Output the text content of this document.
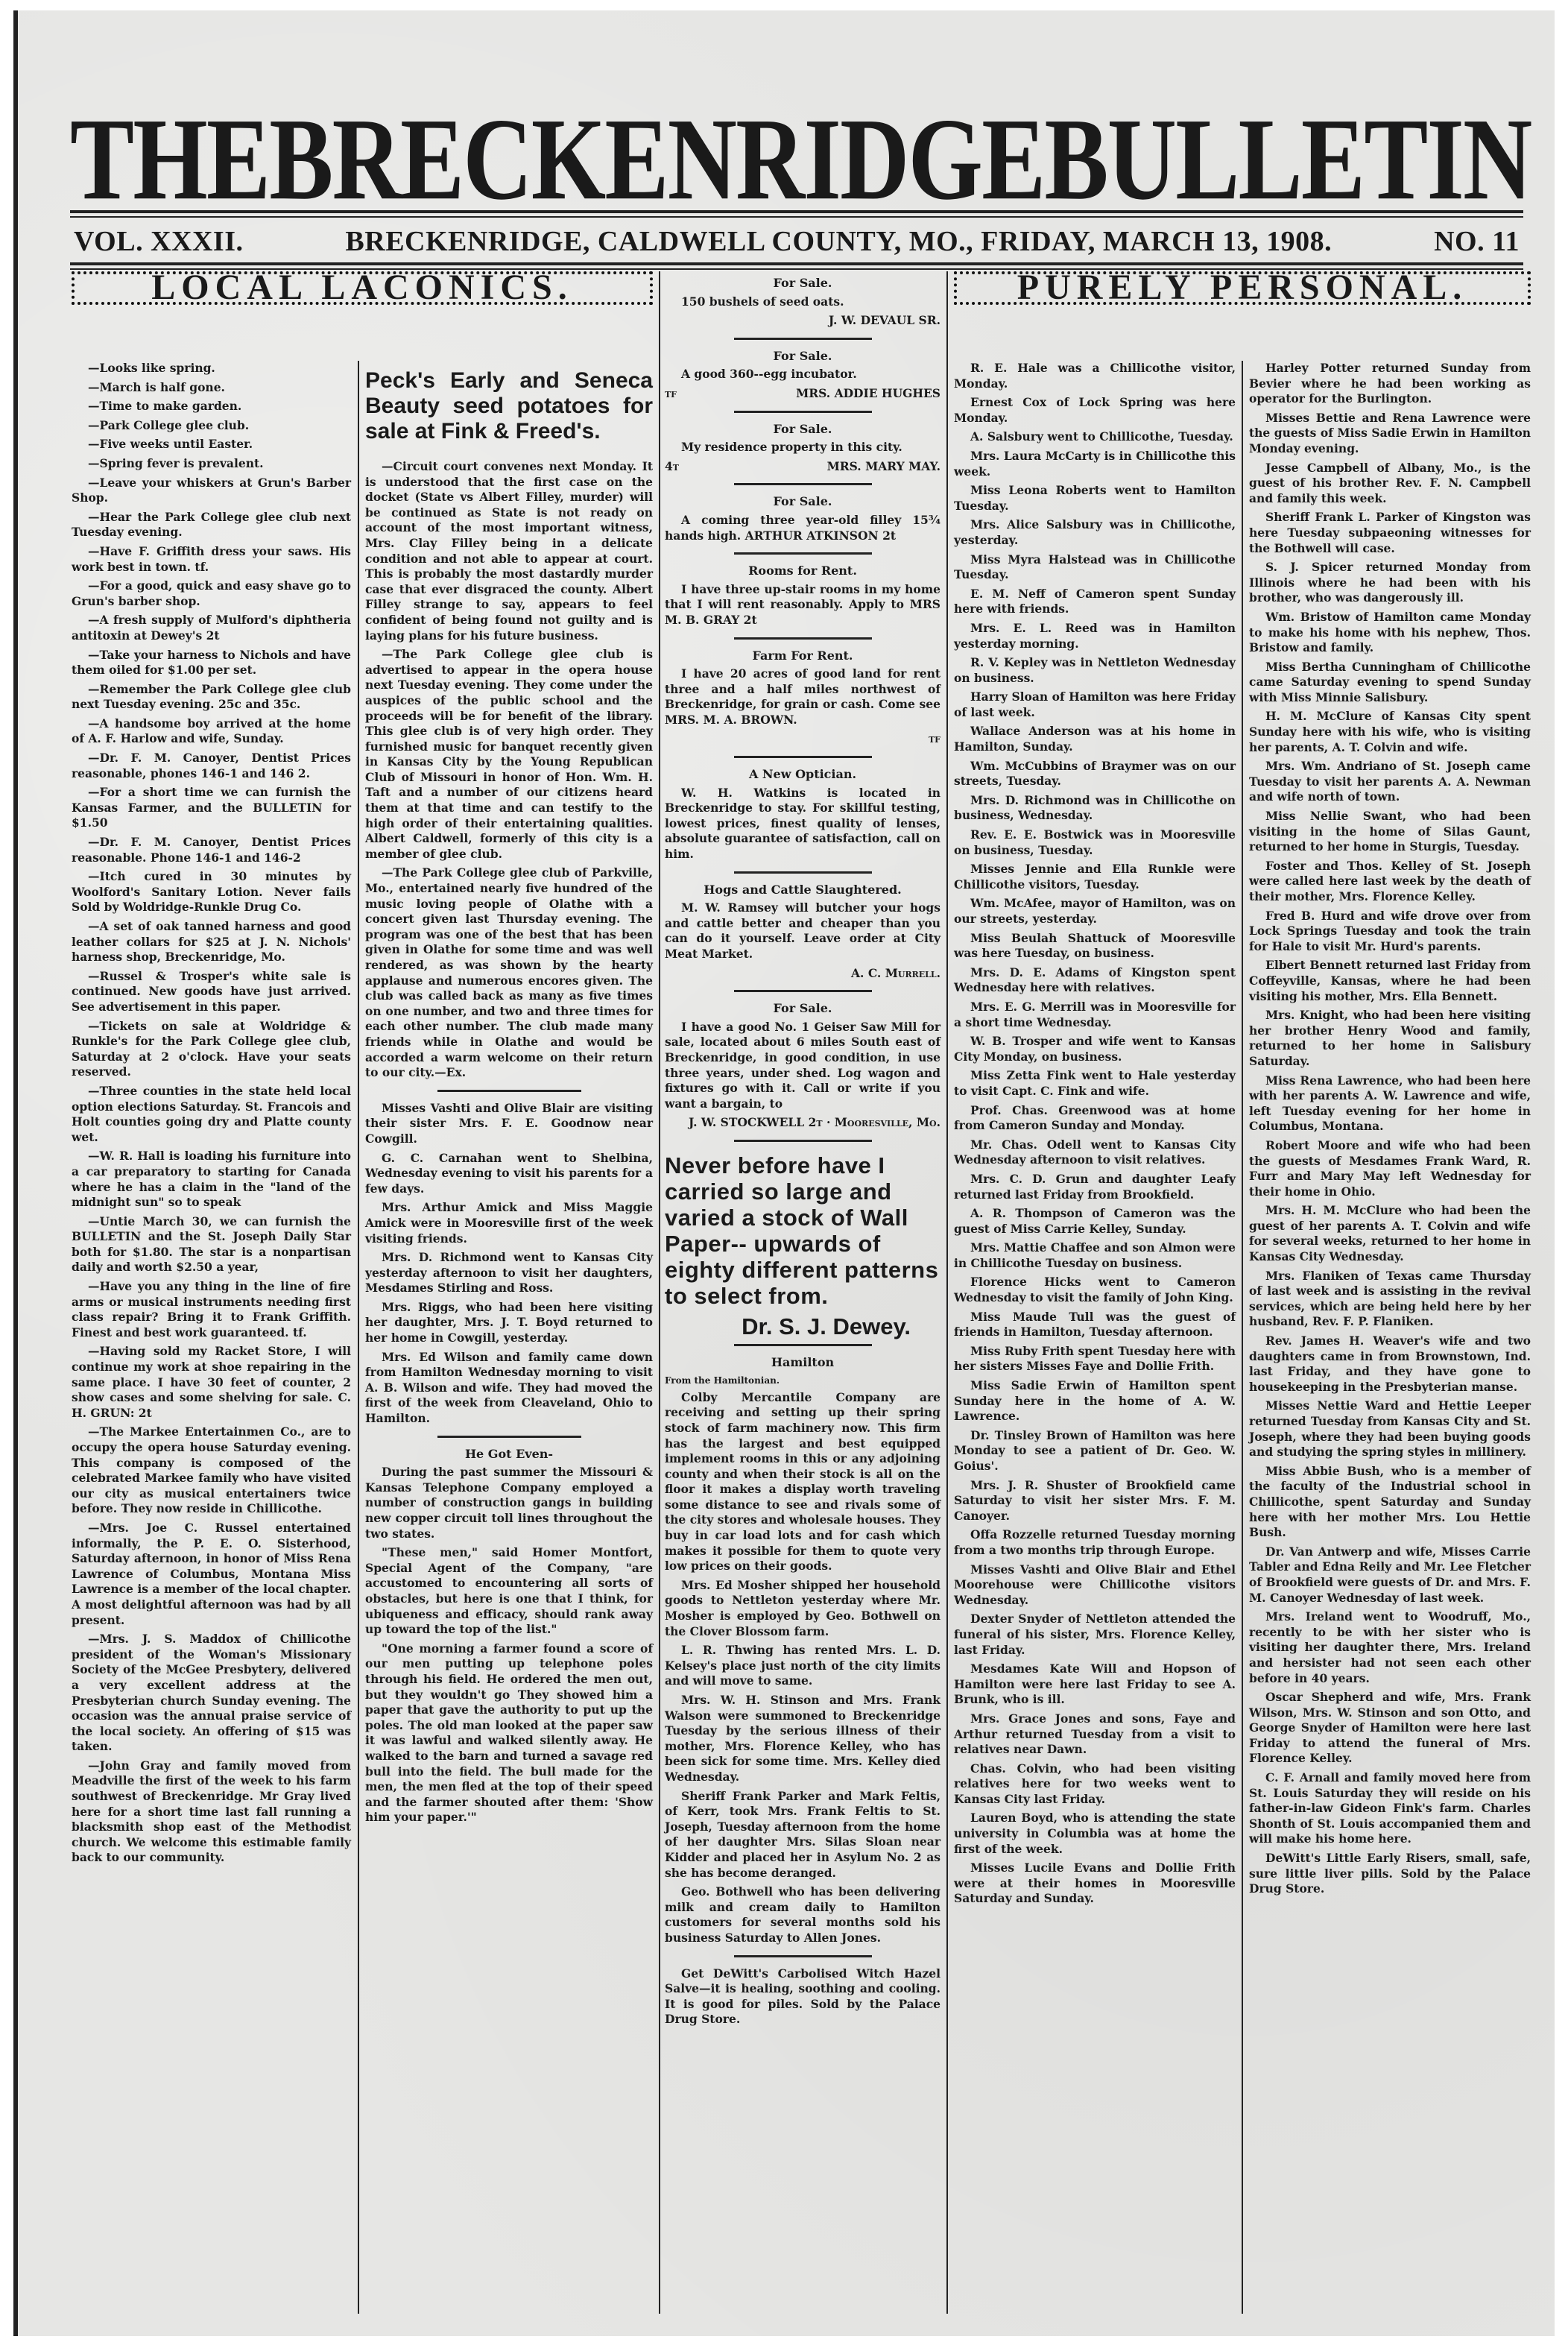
THE BRECKENRIDGE BULLETIN
VOL. XXXII.	BRECKENRIDGE, CALDWELL COUNTY, MO., FRIDAY, MARCH 13, 1908.	NO. 11
LOCAL LACONICS.

—Looks like spring.

—March is half gone.

—Time to make garden.

—Park College glee club.

—Five weeks until Easter.

—Spring fever is prevalent.

—Leave your whiskers at Grun's Barber Shop.

—Hear the Park College glee club next Tuesday evening.

—Have F. Griffith dress your saws. His work best in town. tf.

—For a good, quick and easy shave go to Grun's barber shop.

—A fresh supply of Mulford's diphtheria antitoxin at Dewey's 2t

—Take your harness to Nichols and have them oiled for $1.00 per set.

—Remember the Park College glee club next Tuesday evening. 25c and 35c.

—A handsome boy arrived at the home of A. F. Harlow and wife, Sunday.

—Dr. F. M. Canoyer, Dentist Prices reasonable, phones 146-1 and 146 2.

—For a short time we can furnish the Kansas Farmer, and the BULLETIN for $1.50

—Dr. F. M. Canoyer, Dentist Prices reasonable. Phone 146-1 and 146-2

—Itch cured in 30 minutes by Woolford's Sanitary Lotion. Never fails Sold by Woldridge-Runkle Drug Co.

—A set of oak tanned harness and good leather collars for $25 at J. N. Nichols' harness shop, Breckenridge, Mo.

—Russel & Trosper's white sale is continued. New goods have just arrived. See advertisement in this paper.

—Tickets on sale at Woldridge & Runkle's for the Park College glee club, Saturday at 2 o'clock. Have your seats reserved.

—Three counties in the state held local option elections Saturday. St. Francois and Holt counties going dry and Platte county wet.

—W. R. Hall is loading his furniture into a car preparatory to starting for Canada where he has a claim in the "land of the midnight sun" so to speak

—Untie March 30, we can furnish the BULLETIN and the St. Joseph Daily Star both for $1.80. The star is a nonpartisan daily and worth $2.50 a year,

—Have you any thing in the line of fire arms or musical instruments needing first class repair? Bring it to Frank Griffith. Finest and best work guaranteed. tf.

—Having sold my Racket Store, I will continue my work at shoe repairing in the same place. I have 30 feet of counter, 2 show cases and some shelving for sale. C. H. GRUN: 2t

—The Markee Entertainmen Co., are to occupy the opera house Saturday evening. This company is composed of the celebrated Markee family who have visited our city as musical entertainers twice before. They now reside in Chillicothe.

—Mrs. Joe C. Russel entertained informally, the P. E. O. Sisterhood, Saturday afternoon, in honor of Miss Rena Lawrence of Columbus, Montana Miss Lawrence is a member of the local chapter. A most delightful afternoon was had by all present.

—Mrs. J. S. Maddox of Chillicothe president of the Woman's Missionary Society of the McGee Presbytery, delivered a very excellent address at the Presbyterian church Sunday evening. The occasion was the annual praise service of the local society. An offering of $15 was taken.

—John Gray and family moved from Meadville the first of the week to his farm southwest of Breckenridge. Mr Gray lived here for a short time last fall running a blacksmith shop east of the Methodist church. We welcome this estimable family back to our community.

Peck's Early and Seneca Beauty seed potatoes for sale at Fink & Freed's.

—Circuit court convenes next Monday. It is understood that the first case on the docket (State vs Albert Filley, murder) will be continued as State is not ready on account of the most important witness, Mrs. Clay Filley being in a delicate condition and not able to appear at court. This is probably the most dastardly murder case that ever disgraced the county. Albert Filley strange to say, appears to feel confident of being found not guilty and is laying plans for his future business.

—The Park College glee club is advertised to appear in the opera house next Tuesday evening. They come under the auspices of the public school and the proceeds will be for benefit of the library. This glee club is of very high order. They furnished music for banquet recently given in Kansas City by the Young Republican Club of Missouri in honor of Hon. Wm. H. Taft and a number of our citizens heard them at that time and can testify to the high order of their entertaining qualities. Albert Caldwell, formerly of this city is a member of glee club.

—The Park College glee club of Parkville, Mo., entertained nearly five hundred of the music loving people of Olathe with a concert given last Thursday evening. The program was one of the best that has been given in Olathe for some time and was well rendered, as was shown by the hearty applause and numerous encores given. The club was called back as many as five times on one number, and two and three times for each other number. The club made many friends while in Olathe and would be accorded a warm welcome on their return to our city.—Ex.

Misses Vashti and Olive Blair are visiting their sister Mrs. F. E. Goodnow near Cowgill.

G. C. Carnahan went to Shelbina, Wednesday evening to visit his parents for a few days.

Mrs. Arthur Amick and Miss Maggie Amick were in Mooresville first of the week visiting friends.

Mrs. D. Richmond went to Kansas City yesterday afternoon to visit her daughters, Mesdames Stirling and Ross.

Mrs. Riggs, who had been here visiting her daughter, Mrs. J. T. Boyd returned to her home in Cowgill, yesterday.

Mrs. Ed Wilson and family came down from Hamilton Wednesday morning to visit A. B. Wilson and wife. They had moved the first of the week from Cleaveland, Ohio to Hamilton.

He Got Even-

During the past summer the Missouri & Kansas Telephone Company employed a number of construction gangs in building new copper circuit toll lines throughout the two states.

"These men," said Homer Montfort, Special Agent of the Company, "are accustomed to encountering all sorts of obstacles, but here is one that I think, for ubiqueness and efficacy, should rank away up toward the top of the list."

"One morning a farmer found a score of our men putting up telephone poles through his field. He ordered the men out, but they wouldn't go They showed him a paper that gave the authority to put up the poles. The old man looked at the paper saw it was lawful and walked silently away. He walked to the barn and turned a savage red bull into the field. The bull made for the men, the men fled at the top of their speed and the farmer shouted after them: 'Show him your paper.'"

For Sale.

150 bushels of seed oats.

J. W. DEVAUL SR.
For Sale.

A good 360--egg incubator.

tf	MRS. ADDIE HUGHES
For Sale.

My residence property in this city.

4t	MRS. MARY MAY.
For Sale.

A coming three year-old filley 15¾ hands high. ARTHUR ATKINSON 2t

Rooms for Rent.

I have three up-stair rooms in my home that I will rent reasonably. Apply to MRS M. B. GRAY 2t

Farm For Rent.

I have 20 acres of good land for rent three and a half miles northwest of Breckenridge, for grain or cash. Come see MRS. M. A. BROWN.

tf
A New Optician.

W. H. Watkins is located in Breckenridge to stay. For skillful testing, lowest prices, finest quality of lenses, absolute guarantee of satisfaction, call on him.

Hogs and Cattle Slaughtered.

M. W. Ramsey will butcher your hogs and cattle better and cheaper than you can do it yourself. Leave order at City Meat Market.

A. C. Murrell.
For Sale.

I have a good No. 1 Geiser Saw Mill for sale, located about 6 miles South east of Breckenridge, in good condition, in use three years, under shed. Log wagon and fixtures go with it. Call or write if you want a bargain, to

J. W. STOCKWELL 2t · Mooresville, Mo.
Never before have I carried so large and varied a stock of Wall Paper-- upwards of eighty different patterns to select from.
Dr. S. J. Dewey.
Hamilton
From the Hamiltonian.

Colby Mercantile Company are receiving and setting up their spring stock of farm machinery now. This firm has the largest and best equipped implement rooms in this or any adjoining county and when their stock is all on the floor it makes a display worth traveling some distance to see and rivals some of the city stores and wholesale houses. They buy in car load lots and for cash which makes it possible for them to quote very low prices on their goods.

Mrs. Ed Mosher shipped her household goods to Nettleton yesterday where Mr. Mosher is employed by Geo. Bothwell on the Clover Blossom farm.

L. R. Thwing has rented Mrs. L. D. Kelsey's place just north of the city limits and will move to same.

Mrs. W. H. Stinson and Mrs. Frank Walson were summoned to Breckenridge Tuesday by the serious illness of their mother, Mrs. Florence Kelley, who has been sick for some time. Mrs. Kelley died Wednesday.

Sheriff Frank Parker and Mark Feltis, of Kerr, took Mrs. Frank Feltis to St. Joseph, Tuesday afternoon from the home of her daughter Mrs. Silas Sloan near Kidder and placed her in Asylum No. 2 as she has become deranged.

Geo. Bothwell who has been delivering milk and cream daily to Hamilton customers for several months sold his business Saturday to Allen Jones.

Get DeWitt's Carbolised Witch Hazel Salve—it is healing, soothing and cooling. It is good for piles. Sold by the Palace Drug Store.

PURELY PERSONAL.

R. E. Hale was a Chillicothe visitor, Monday.

Ernest Cox of Lock Spring was here Monday.

A. Salsbury went to Chillicothe, Tuesday.

Mrs. Laura McCarty is in Chillicothe this week.

Miss Leona Roberts went to Hamilton Tuesday.

Mrs. Alice Salsbury was in Chillicothe, yesterday.

Miss Myra Halstead was in Chillicothe Tuesday.

E. M. Neff of Cameron spent Sunday here with friends.

Mrs. E. L. Reed was in Hamilton yesterday morning.

R. V. Kepley was in Nettleton Wednesday on business.

Harry Sloan of Hamilton was here Friday of last week.

Wallace Anderson was at his home in Hamilton, Sunday.

Wm. McCubbins of Braymer was on our streets, Tuesday.

Mrs. D. Richmond was in Chillicothe on business, Wednesday.

Rev. E. E. Bostwick was in Mooresville on business, Tuesday.

Misses Jennie and Ella Runkle were Chillicothe visitors, Tuesday.

Wm. McAfee, mayor of Hamilton, was on our streets, yesterday.

Miss Beulah Shattuck of Mooresville was here Tuesday, on business.

Mrs. D. E. Adams of Kingston spent Wednesday here with relatives.

Mrs. E. G. Merrill was in Mooresville for a short time Wednesday.

W. B. Trosper and wife went to Kansas City Monday, on business.

Miss Zetta Fink went to Hale yesterday to visit Capt. C. Fink and wife.

Prof. Chas. Greenwood was at home from Cameron Sunday and Monday.

Mr. Chas. Odell went to Kansas City Wednesday afternoon to visit relatives.

Mrs. C. D. Grun and daughter Leafy returned last Friday from Brookfield.

A. R. Thompson of Cameron was the guest of Miss Carrie Kelley, Sunday.

Mrs. Mattie Chaffee and son Almon were in Chillicothe Tuesday on business.

Florence Hicks went to Cameron Wednesday to visit the family of John King.

Miss Maude Tull was the guest of friends in Hamilton, Tuesday afternoon.

Miss Ruby Frith spent Tuesday here with her sisters Misses Faye and Dollie Frith.

Miss Sadie Erwin of Hamilton spent Sunday here in the home of A. W. Lawrence.

Dr. Tinsley Brown of Hamilton was here Monday to see a patient of Dr. Geo. W. Goius'.

Mrs. J. R. Shuster of Brookfield came Saturday to visit her sister Mrs. F. M. Canoyer.

Offa Rozzelle returned Tuesday morning from a two months trip through Europe.

Misses Vashti and Olive Blair and Ethel Moorehouse were Chillicothe visitors Wednesday.

Dexter Snyder of Nettleton attended the funeral of his sister, Mrs. Florence Kelley, last Friday.

Mesdames Kate Will and Hopson of Hamilton were here last Friday to see A. Brunk, who is ill.

Mrs. Grace Jones and sons, Faye and Arthur returned Tuesday from a visit to relatives near Dawn.

Chas. Colvin, who had been visiting relatives here for two weeks went to Kansas City last Friday.

Lauren Boyd, who is attending the state university in Columbia was at home the first of the week.

Misses Lucile Evans and Dollie Frith were at their homes in Mooresville Saturday and Sunday.

Harley Potter returned Sunday from Bevier where he had been working as operator for the Burlington.

Misses Bettie and Rena Lawrence were the guests of Miss Sadie Erwin in Hamilton Monday evening.

Jesse Campbell of Albany, Mo., is the guest of his brother Rev. F. N. Campbell and family this week.

Sheriff Frank L. Parker of Kingston was here Tuesday subpaeoning witnesses for the Bothwell will case.

S. J. Spicer returned Monday from Illinois where he had been with his brother, who was dangerously ill.

Wm. Bristow of Hamilton came Monday to make his home with his nephew, Thos. Bristow and family.

Miss Bertha Cunningham of Chillicothe came Saturday evening to spend Sunday with Miss Minnie Salisbury.

H. M. McClure of Kansas City spent Sunday here with his wife, who is visiting her parents, A. T. Colvin and wife.

Mrs. Wm. Andriano of St. Joseph came Tuesday to visit her parents A. A. Newman and wife north of town.

Miss Nellie Swant, who had been visiting in the home of Silas Gaunt, returned to her home in Sturgis, Tuesday.

Foster and Thos. Kelley of St. Joseph were called here last week by the death of their mother, Mrs. Florence Kelley.

Fred B. Hurd and wife drove over from Lock Springs Tuesday and took the train for Hale to visit Mr. Hurd's parents.

Elbert Bennett returned last Friday from Coffeyville, Kansas, where he had been visiting his mother, Mrs. Ella Bennett.

Mrs. Knight, who had been here visiting her brother Henry Wood and family, returned to her home in Salisbury Saturday.

Miss Rena Lawrence, who had been here with her parents A. W. Lawrence and wife, left Tuesday evening for her home in Columbus, Montana.

Robert Moore and wife who had been the guests of Mesdames Frank Ward, R. Furr and Mary May left Wednesday for their home in Ohio.

Mrs. H. M. McClure who had been the guest of her parents A. T. Colvin and wife for several weeks, returned to her home in Kansas City Wednesday.

Mrs. Flaniken of Texas came Thursday of last week and is assisting in the revival services, which are being held here by her husband, Rev. F. P. Flaniken.

Rev. James H. Weaver's wife and two daughters came in from Brownstown, Ind. last Friday, and they have gone to housekeeping in the Presbyterian manse.

Misses Nettie Ward and Hettie Leeper returned Tuesday from Kansas City and St. Joseph, where they had been buying goods and studying the spring styles in millinery.

Miss Abbie Bush, who is a member of the faculty of the Industrial school in Chillicothe, spent Saturday and Sunday here with her mother Mrs. Lou Hettie Bush.

Dr. Van Antwerp and wife, Misses Carrie Tabler and Edna Reily and Mr. Lee Fletcher of Brookfield were guests of Dr. and Mrs. F. M. Canoyer Wednesday of last week.

Mrs. Ireland went to Woodruff, Mo., recently to be with her sister who is visiting her daughter there, Mrs. Ireland and hersister had not seen each other before in 40 years.

Oscar Shepherd and wife, Mrs. Frank Wilson, Mrs. W. Stinson and son Otto, and George Snyder of Hamilton were here last Friday to attend the funeral of Mrs. Florence Kelley.

C. F. Arnall and family moved here from St. Louis Saturday they will reside on his father-in-law Gideon Fink's farm. Charles Shonth of St. Louis accompanied them and will make his home here.

DeWitt's Little Early Risers, small, safe, sure little liver pills. Sold by the Palace Drug Store.
